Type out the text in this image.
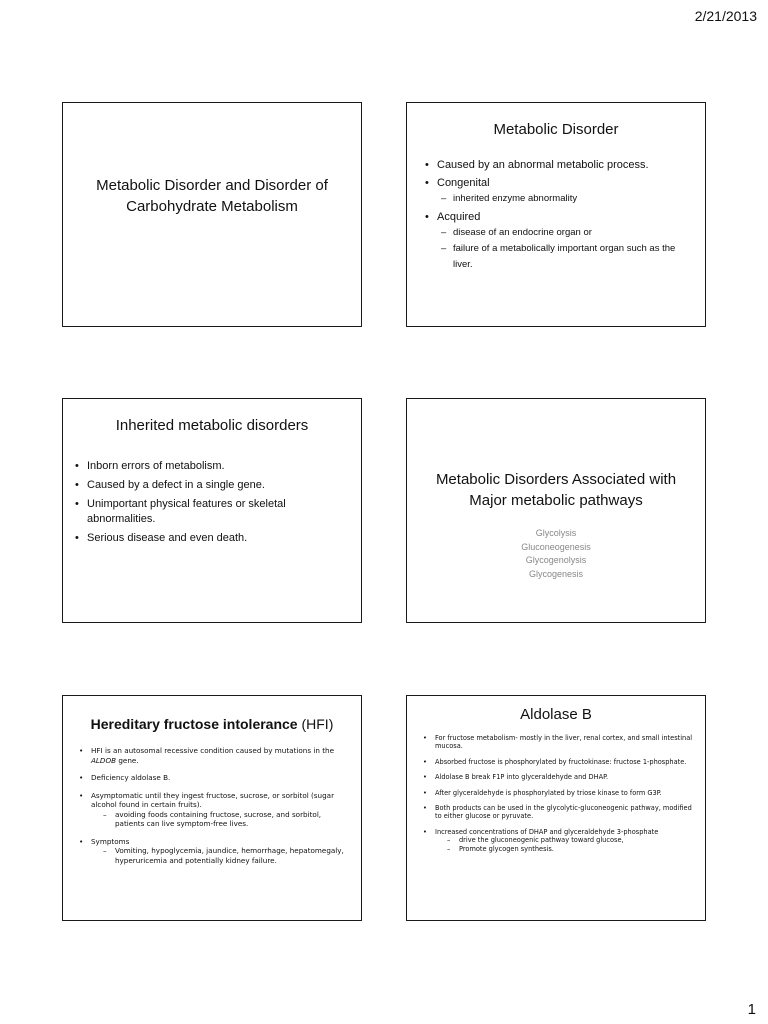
2/21/2013
Metabolic Disorder and Disorder of Carbohydrate Metabolism
Metabolic Disorder
• Caused by an abnormal metabolic process.
• Congenital
– inherited enzyme abnormality
• Acquired
– disease of an endocrine organ or
– failure of a metabolically important organ such as the liver.
Inherited metabolic disorders
• Inborn errors of metabolism.
• Caused by a defect in a single gene.
• Unimportant physical features or skeletal abnormalities.
• Serious disease and even death.
Metabolic Disorders Associated with Major metabolic pathways
Glycolysis
Gluconeogenesis
Glycogenolysis
Glycogenesis
Hereditary fructose intolerance (HFI)
• HFI is an autosomal recessive condition caused by mutations in the ALDOB gene.
• Deficiency aldolase B.
• Asymptomatic until they ingest fructose, sucrose, or sorbitol (sugar alcohol found in certain fruits).
– avoiding foods containing fructose, sucrose, and sorbitol, patients can live symptom-free lives.
• Symptoms
– Vomiting, hypoglycemia, jaundice, hemorrhage, hepatomegaly, hyperuricemia and potentially kidney failure.
Aldolase B
• For fructose metabolism- mostly in the liver, renal cortex, and small intestinal mucosa.
• Absorbed fructose is phosphorylated by fructokinase: fructose 1-phosphate.
• Aldolase B break F1P into glyceraldehyde and DHAP.
• After glyceraldehyde is phosphorylated by triose kinase to form G3P.
• Both products can be used in the glycolytic-gluconeogenic pathway, modified to either glucose or pyruvate.
• Increased concentrations of DHAP and glyceraldehyde 3-phosphate
– drive the gluconeogenic pathway toward glucose,
– Promote glycogen synthesis.
1
